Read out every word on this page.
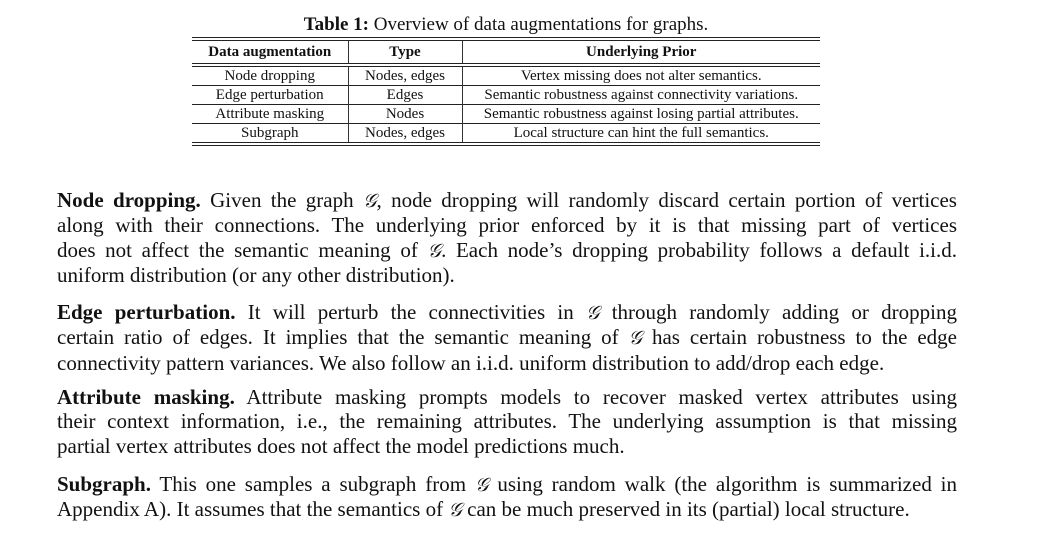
Table 1: Overview of data augmentations for graphs.
Data augmentation	Type	Underlying Prior
Node dropping	Nodes, edges	Vertex missing does not alter semantics.
Edge perturbation	Edges	Semantic robustness against connectivity variations.
Attribute masking	Nodes	Semantic robustness against losing partial attributes.
Subgraph	Nodes, edges	Local structure can hint the full semantics.
Node dropping. Given the graph 𝒢, node dropping will randomly discard certain portion of vertices
along with their connections. The underlying prior enforced by it is that missing part of vertices
does not affect the semantic meaning of 𝒢. Each node’s dropping probability follows a default i.i.d.
uniform distribution (or any other distribution).
Edge perturbation. It will perturb the connectivities in 𝒢 through randomly adding or dropping
certain ratio of edges. It implies that the semantic meaning of 𝒢 has certain robustness to the edge
connectivity pattern variances. We also follow an i.i.d. uniform distribution to add/drop each edge.
Attribute masking. Attribute masking prompts models to recover masked vertex attributes using
their context information, i.e., the remaining attributes. The underlying assumption is that missing
partial vertex attributes does not affect the model predictions much.
Subgraph. This one samples a subgraph from 𝒢 using random walk (the algorithm is summarized in
Appendix A). It assumes that the semantics of 𝒢 can be much preserved in its (partial) local structure.
